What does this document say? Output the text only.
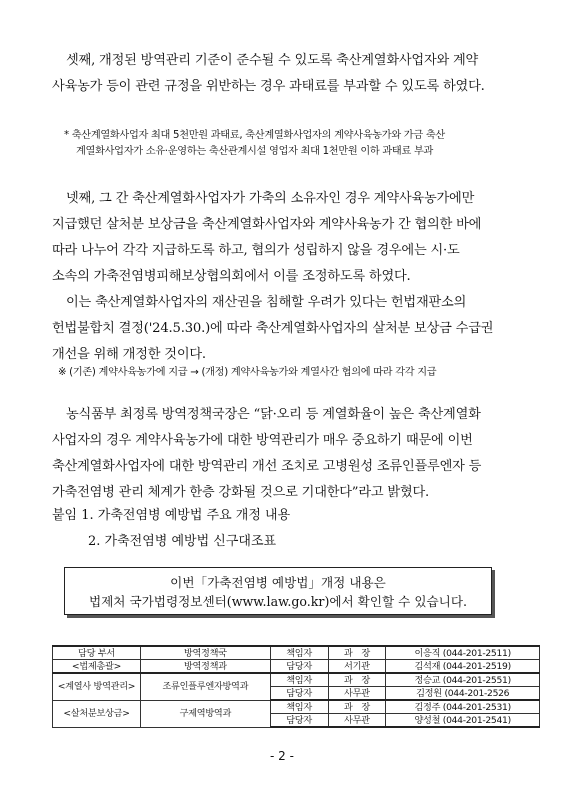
셋째, 개정된 방역관리 기준이 준수될 수 있도록 축산계열화사업자와 계약
사육농가 등이 관련 규정을 위반하는 경우 과태료를 부과할 수 있도록 하였다.

* 축산계열화사업자 최대 5천만원 과태료, 축산계열화사업자의 계약사육농가와 가금 축산
계열화사업자가 소유·운영하는 축산관계시설 영업자 최대 1천만원 이하 과태료 부과

넷째, 그 간 축산계열화사업자가 가축의 소유자인 경우 계약사육농가에만
지급했던 살처분 보상금을 축산계열화사업자와 계약사육농가 간 협의한 바에
따라 나누어 각각 지급하도록 하고, 협의가 성립하지 않을 경우에는 시·도
소속의 가축전염병피해보상협의회에서 이를 조정하도록 하였다.

이는 축산계열화사업자의 재산권을 침해할 우려가 있다는 헌법재판소의
헌법불합치 결정('24.5.30.)에 따라 축산계열화사업자의 살처분 보상금 수급권
개선을 위해 개정한 것이다.

※ (기존) 계약사육농가에 지급 → (개정) 계약사육농가와 계열사간 협의에 따라 각각 지급

농식품부 최정록 방역정책국장은 “닭·오리 등 계열화율이 높은 축산계열화
사업자의 경우 계약사육농가에 대한 방역관리가 매우 중요하기 때문에 이번
축산계열화사업자에 대한 방역관리 개선 조치로 고병원성 조류인플루엔자 등
가축전염병 관리 체계가 한층 강화될 것으로 기대한다”라고 밝혔다.

붙임 1. 가축전염병 예방법 주요 개정 내용
2. 가축전염병 예방법 신구대조표
이번「가축전염병 예방법」개정 내용은
법제처 국가법령정보센터(www.law.go.kr)에서 확인할 수 있습니다.
담당 부서	방역정책국	책임자	과　장	이응직 (044-201-2511)
<법제총괄>	방역정책과	담당자	서기관	김석재 (044-201-2519)
<계열사 방역관리>	조류인플루엔자방역과	책임자	과　장	정승교 (044-201-2551)
		담당자	사무관	김정원 (044-201-2526
<살처분보상금>	구제역방역과	책임자	과　장	김정주 (044-201-2531)
		담당자	사무관	양성철 (044-201-2541)
- 2 -
